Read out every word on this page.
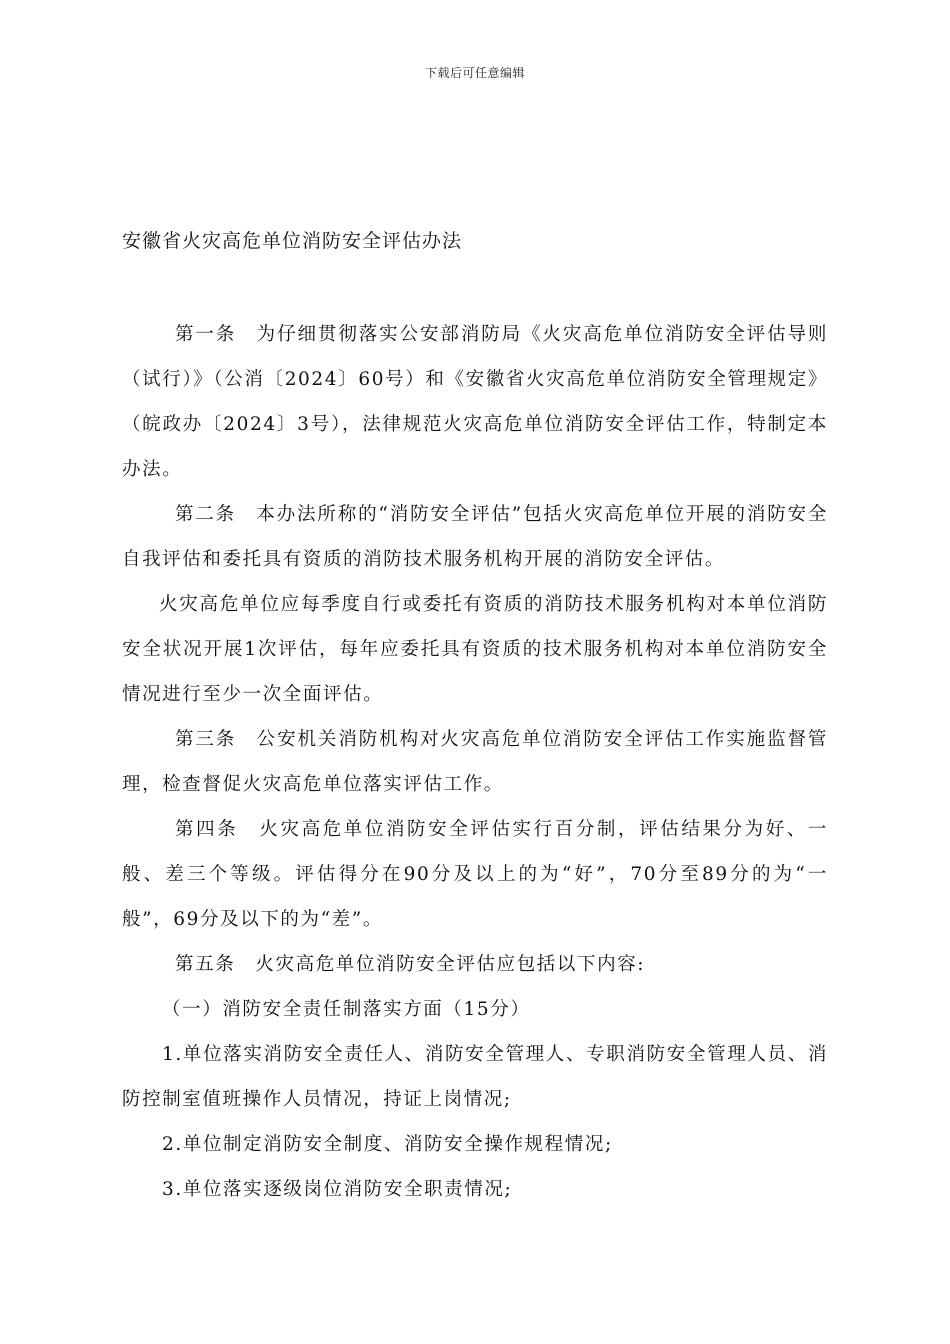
下载后可任意编辑
安徽省火灾高危单位消防安全评估办法

第一条　为仔细贯彻落实公安部消防局《火灾高危单位消防安全评估导则（试行）》（公消〔2024〕60号）和《安徽省火灾高危单位消防安全管理规定》（皖政办〔2024〕3号），法律规范火灾高危单位消防安全评估工作，特制定本办法。

第二条　本办法所称的“消防安全评估”包括火灾高危单位开展的消防安全自我评估和委托具有资质的消防技术服务机构开展的消防安全评估。

火灾高危单位应每季度自行或委托有资质的消防技术服务机构对本单位消防安全状况开展1次评估，每年应委托具有资质的技术服务机构对本单位消防安全情况进行至少一次全面评估。

第三条　公安机关消防机构对火灾高危单位消防安全评估工作实施监督管理，检查督促火灾高危单位落实评估工作。

第四条　火灾高危单位消防安全评估实行百分制，评估结果分为好、一般、差三个等级。评估得分在90分及以上的为“好”，70分至89分的为“一般”，69分及以下的为“差”。

第五条　火灾高危单位消防安全评估应包括以下内容:

（一）消防安全责任制落实方面（15分）

1.单位落实消防安全责任人、消防安全管理人、专职消防安全管理人员、消防控制室值班操作人员情况，持证上岗情况;

2.单位制定消防安全制度、消防安全操作规程情况;

3.单位落实逐级岗位消防安全职责情况;
